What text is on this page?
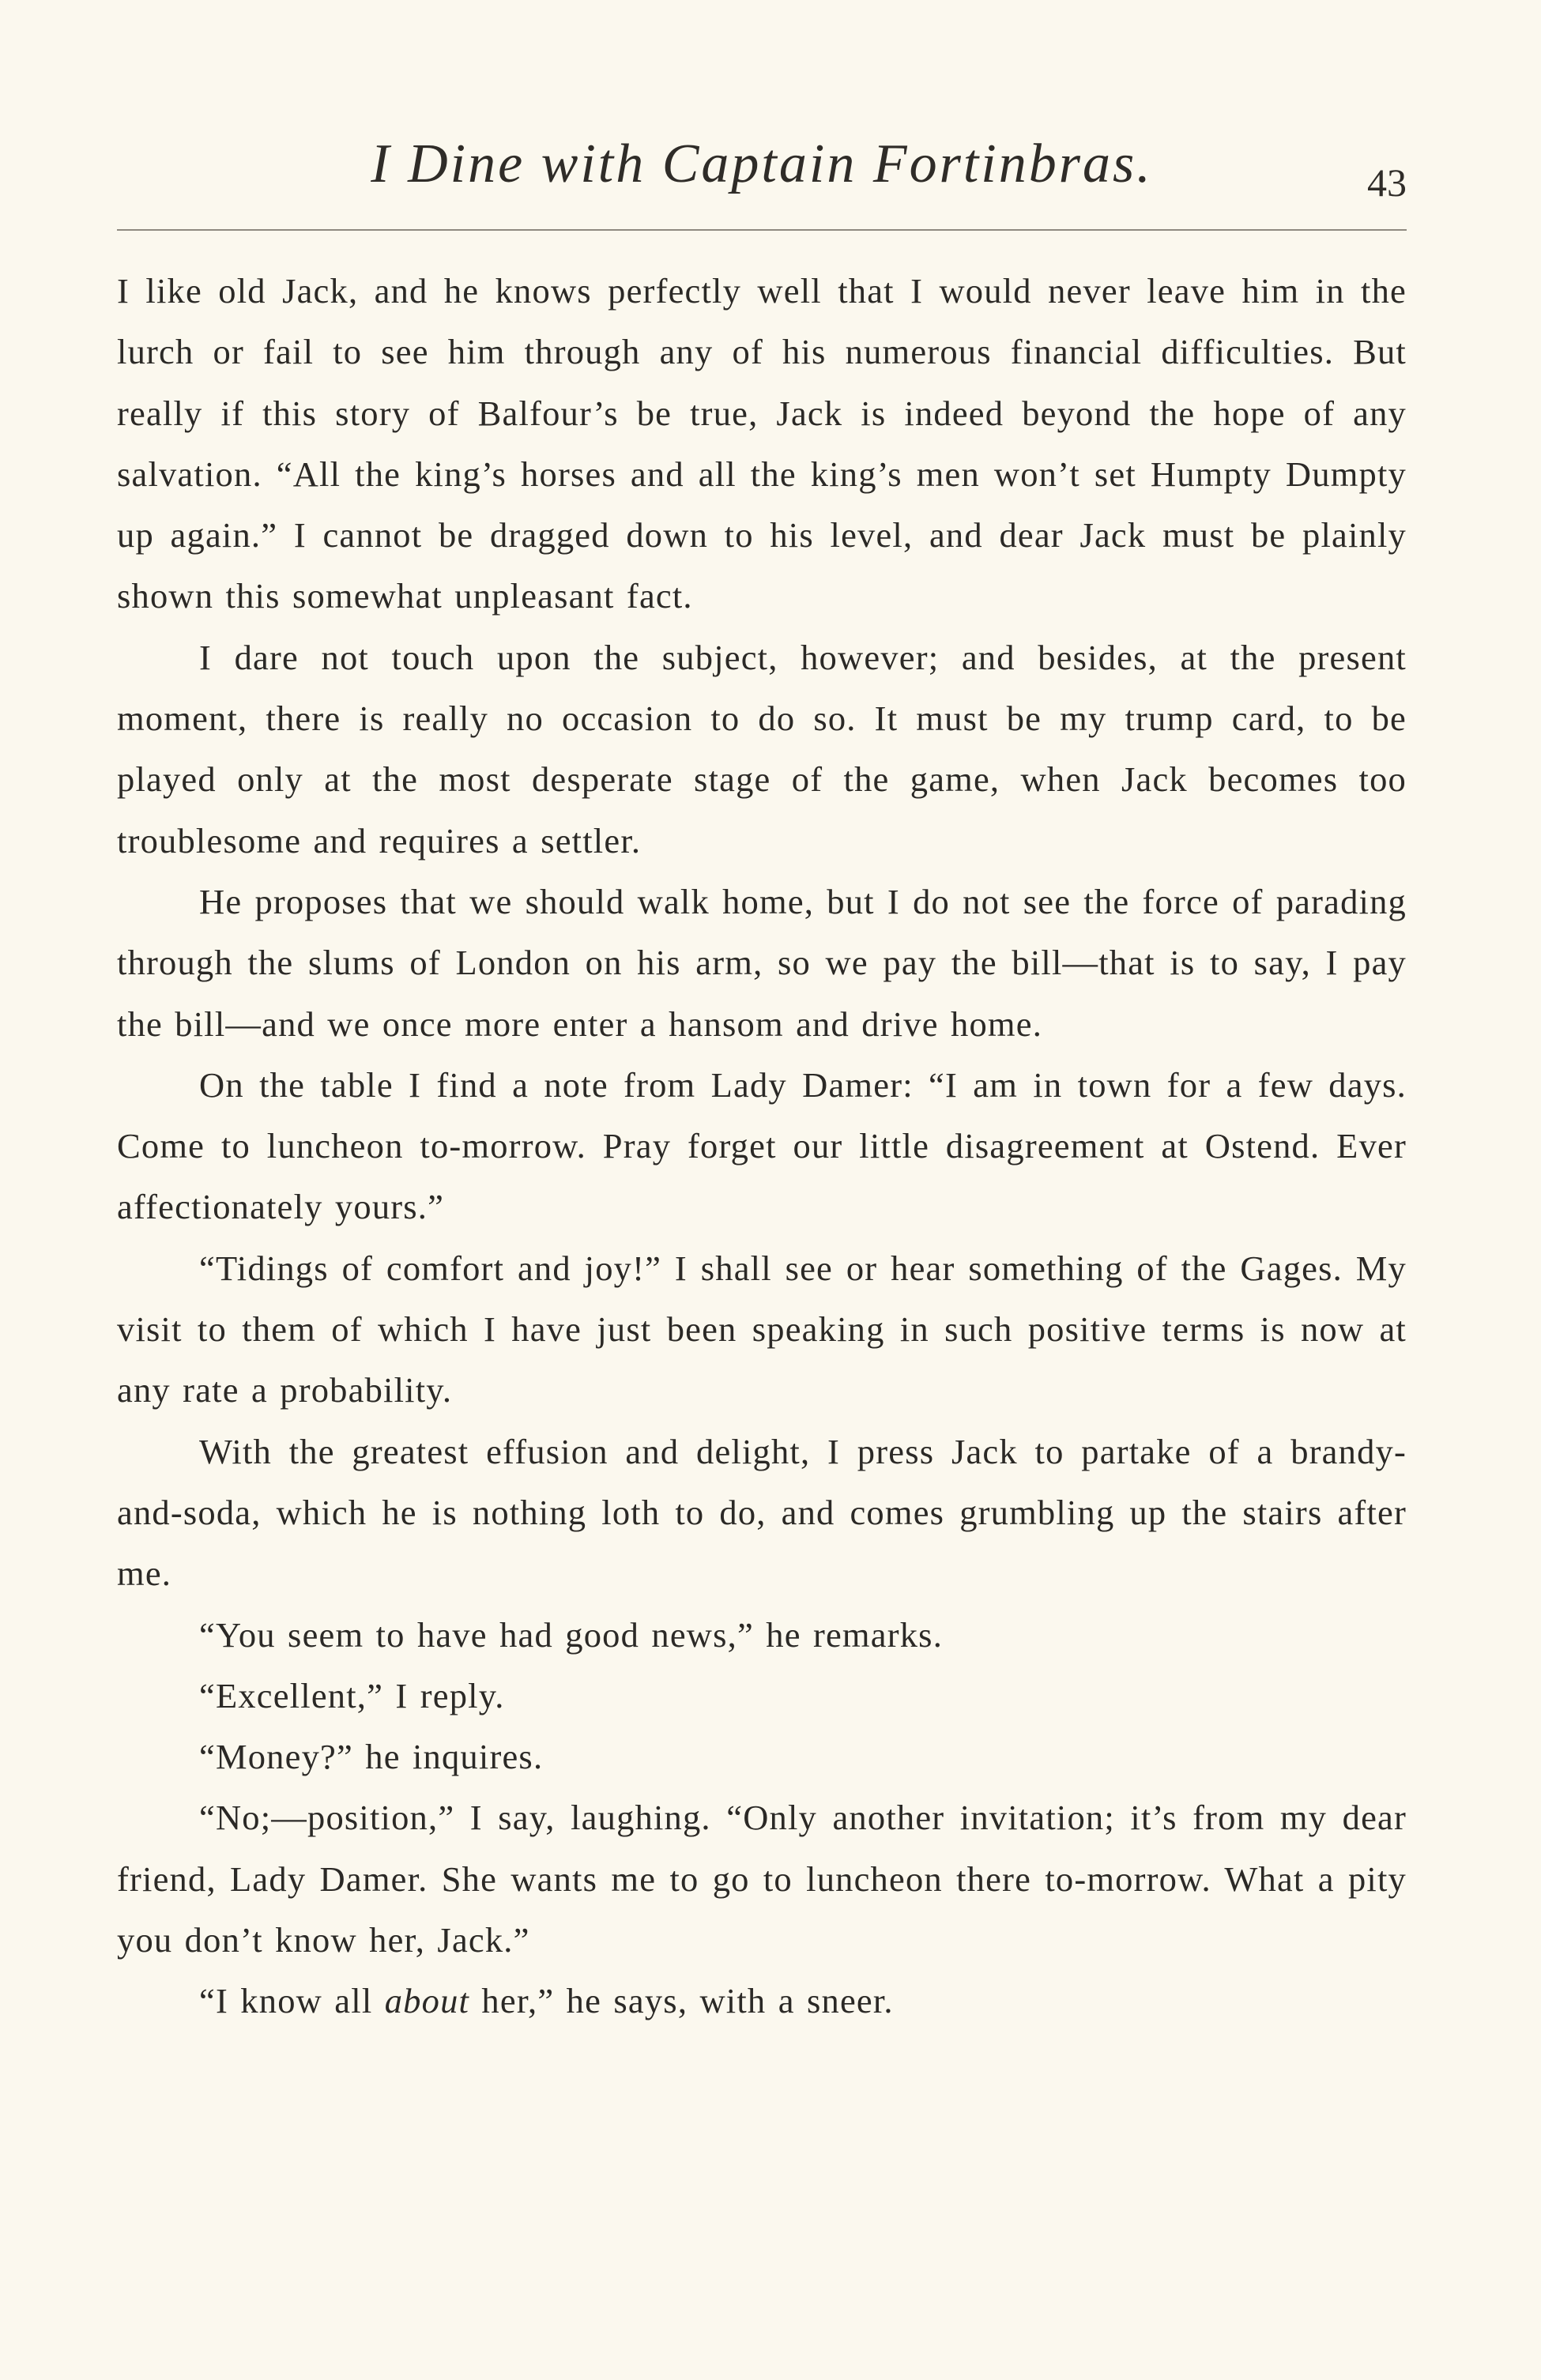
I Dine with Captain Fortinbras.	43

I like old Jack, and he knows perfectly well that I would never leave him in the lurch or fail to see him through any of his numerous financial difficulties. But really if this story of Balfour’s be true, Jack is indeed beyond the hope of any salvation. “All the king’s horses and all the king’s men won’t set Humpty Dumpty up again.” I cannot be dragged down to his level, and dear Jack must be plainly shown this somewhat unpleasant fact.

I dare not touch upon the subject, however; and besides, at the present moment, there is really no occasion to do so. It must be my trump card, to be played only at the most desperate stage of the game, when Jack becomes too troublesome and requires a settler.

He proposes that we should walk home, but I do not see the force of parading through the slums of London on his arm, so we pay the bill—that is to say, I pay the bill—and we once more enter a hansom and drive home.

On the table I find a note from Lady Damer: “I am in town for a few days. Come to luncheon to-morrow. Pray forget our little disagreement at Ostend. Ever affectionately yours.”

“Tidings of comfort and joy!” I shall see or hear something of the Gages. My visit to them of which I have just been speaking in such positive terms is now at any rate a probability.

With the greatest effusion and delight, I press Jack to partake of a brandy-and-soda, which he is nothing loth to do, and comes grumbling up the stairs after me.

“You seem to have had good news,” he remarks.

“Excellent,” I reply.

“Money?” he inquires.

“No;—position,” I say, laughing. “Only another invitation; it’s from my dear friend, Lady Damer. She wants me to go to luncheon there to-morrow. What a pity you don’t know her, Jack.”

“I know all about her,” he says, with a sneer.
